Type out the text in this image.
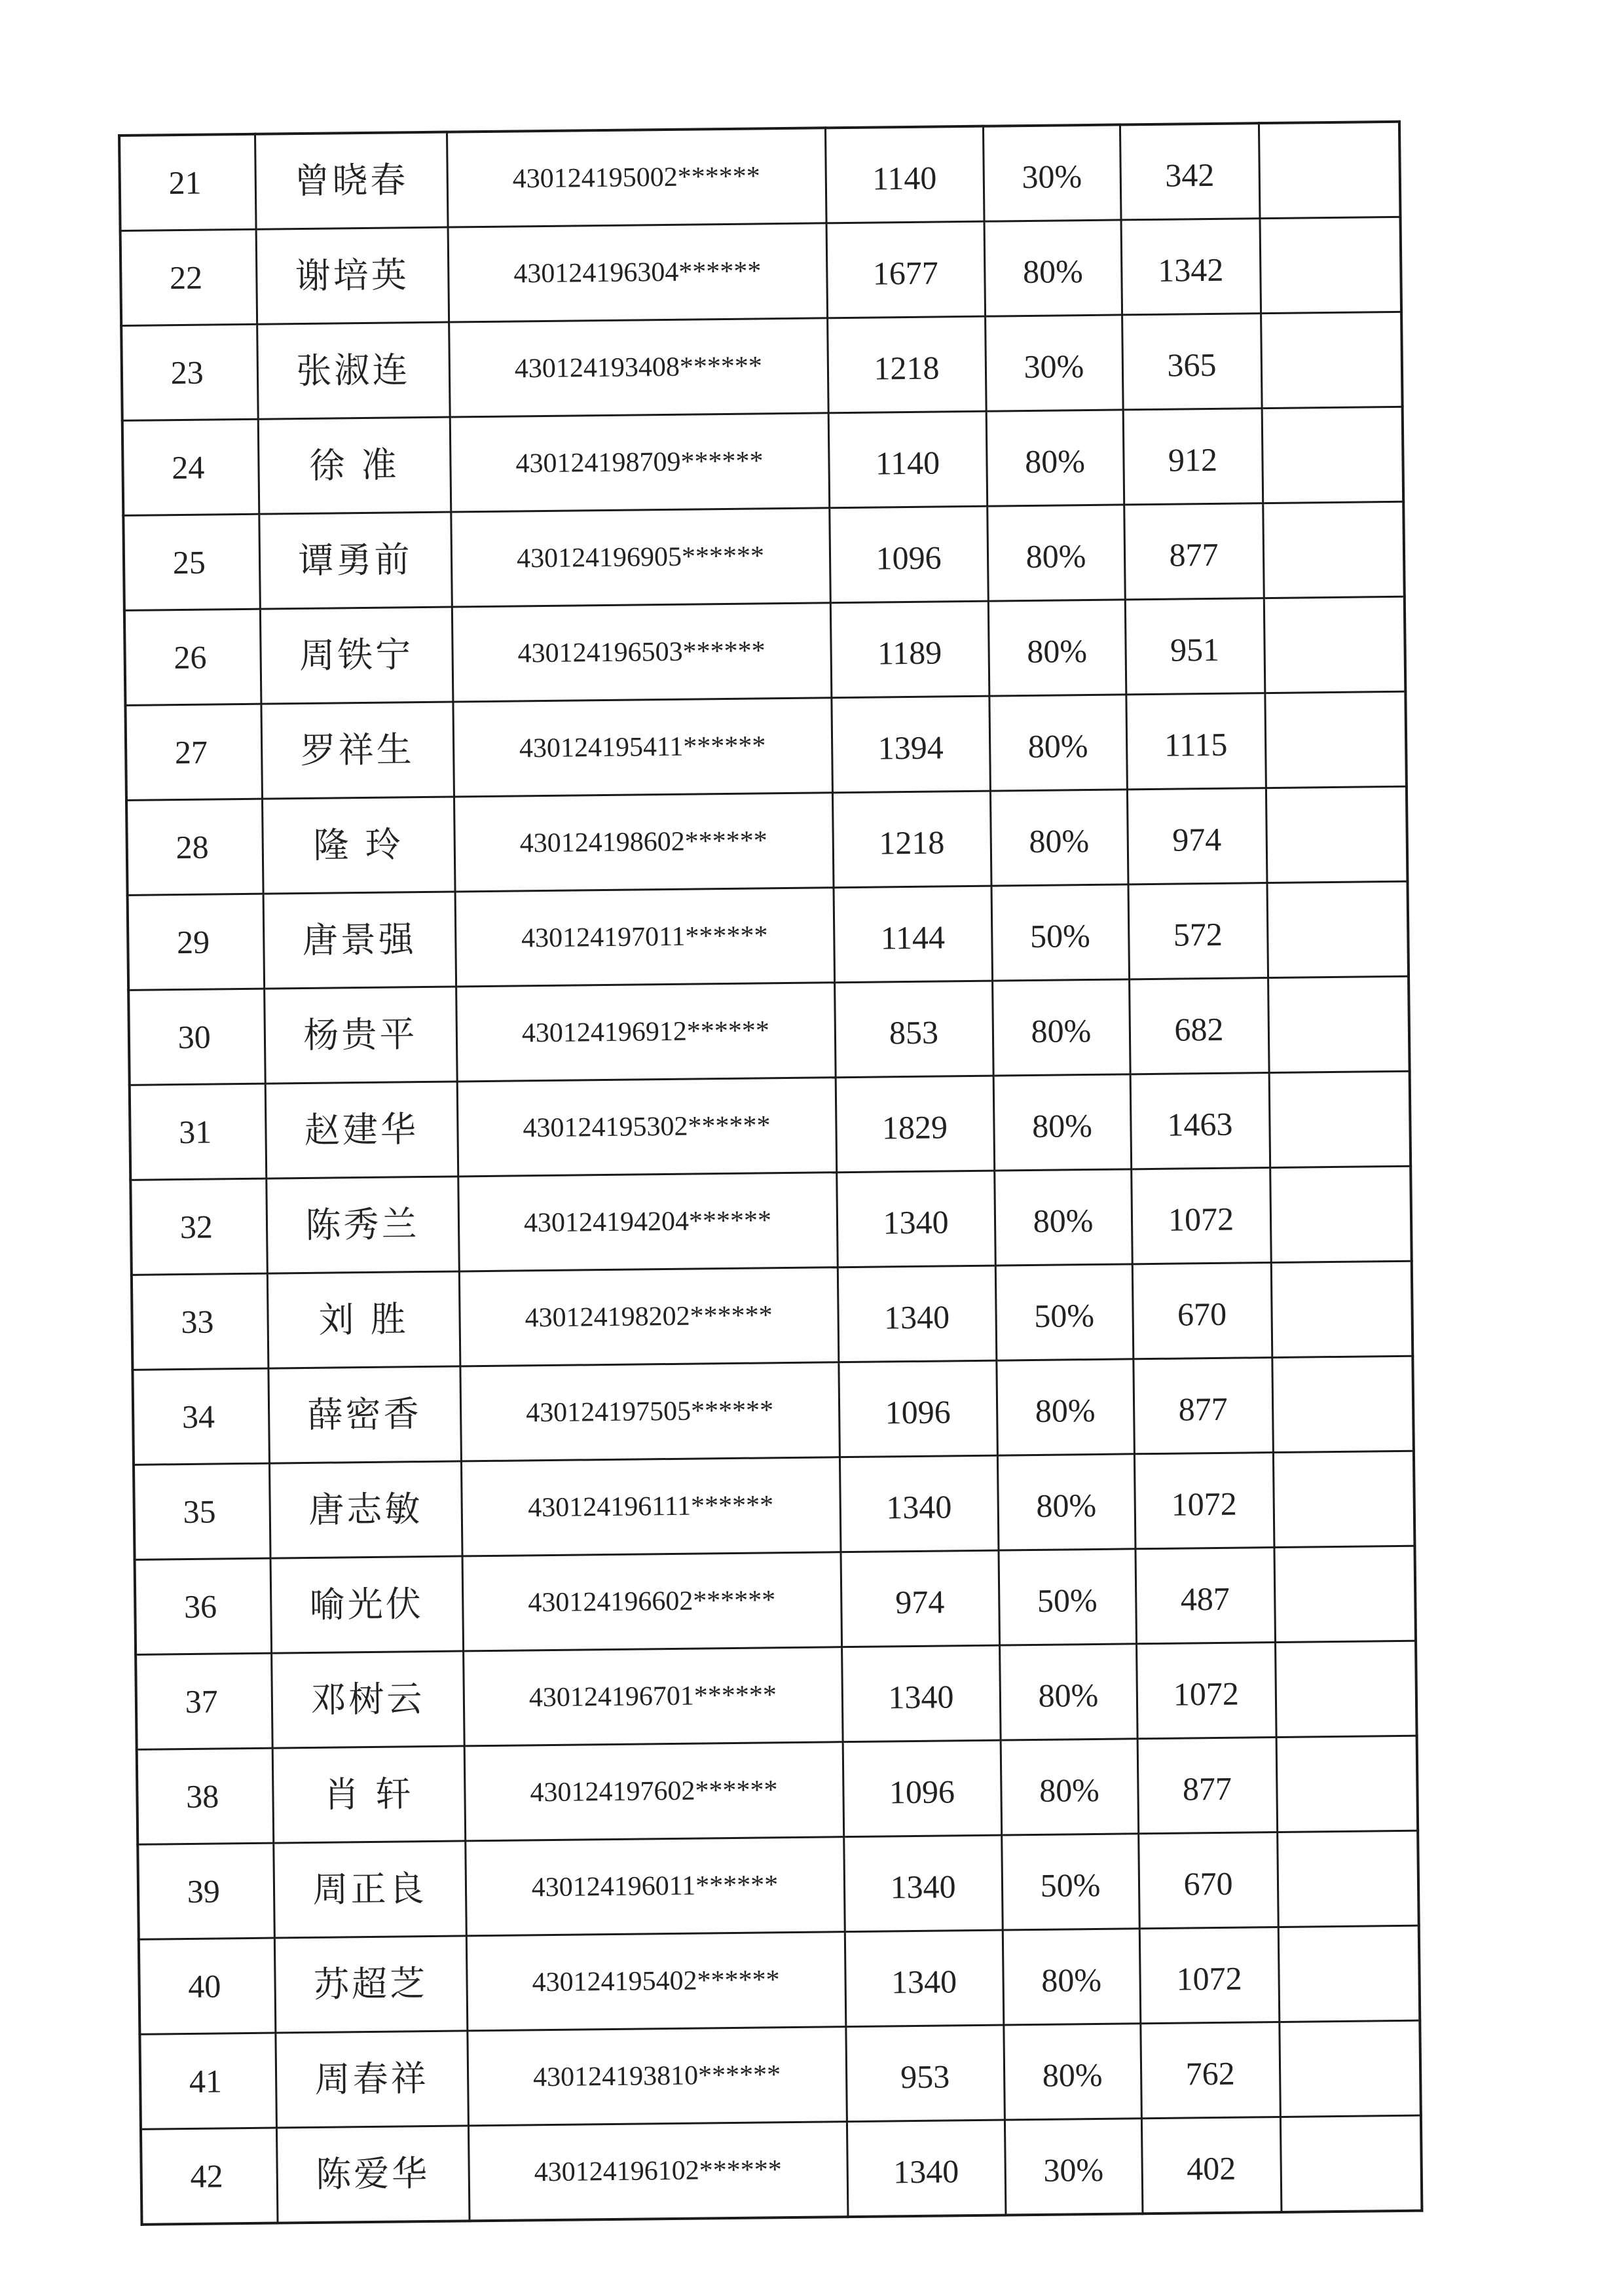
21	曾晓春	430124195002******	1140	30%	342	
22	谢培英	430124196304******	1677	80%	1342	
23	张淑连	430124193408******	1218	30%	365	
24	徐 准	430124198709******	1140	80%	912	
25	谭勇前	430124196905******	1096	80%	877	
26	周铁宁	430124196503******	1189	80%	951	
27	罗祥生	430124195411******	1394	80%	1115	
28	隆 玲	430124198602******	1218	80%	974	
29	唐景强	430124197011******	1144	50%	572	
30	杨贵平	430124196912******	853	80%	682	
31	赵建华	430124195302******	1829	80%	1463	
32	陈秀兰	430124194204******	1340	80%	1072	
33	刘 胜	430124198202******	1340	50%	670	
34	薛密香	430124197505******	1096	80%	877	
35	唐志敏	430124196111******	1340	80%	1072	
36	喻光伏	430124196602******	974	50%	487	
37	邓树云	430124196701******	1340	80%	1072	
38	肖 轩	430124197602******	1096	80%	877	
39	周正良	430124196011******	1340	50%	670	
40	苏超芝	430124195402******	1340	80%	1072	
41	周春祥	430124193810******	953	80%	762	
42	陈爱华	430124196102******	1340	30%	402	
